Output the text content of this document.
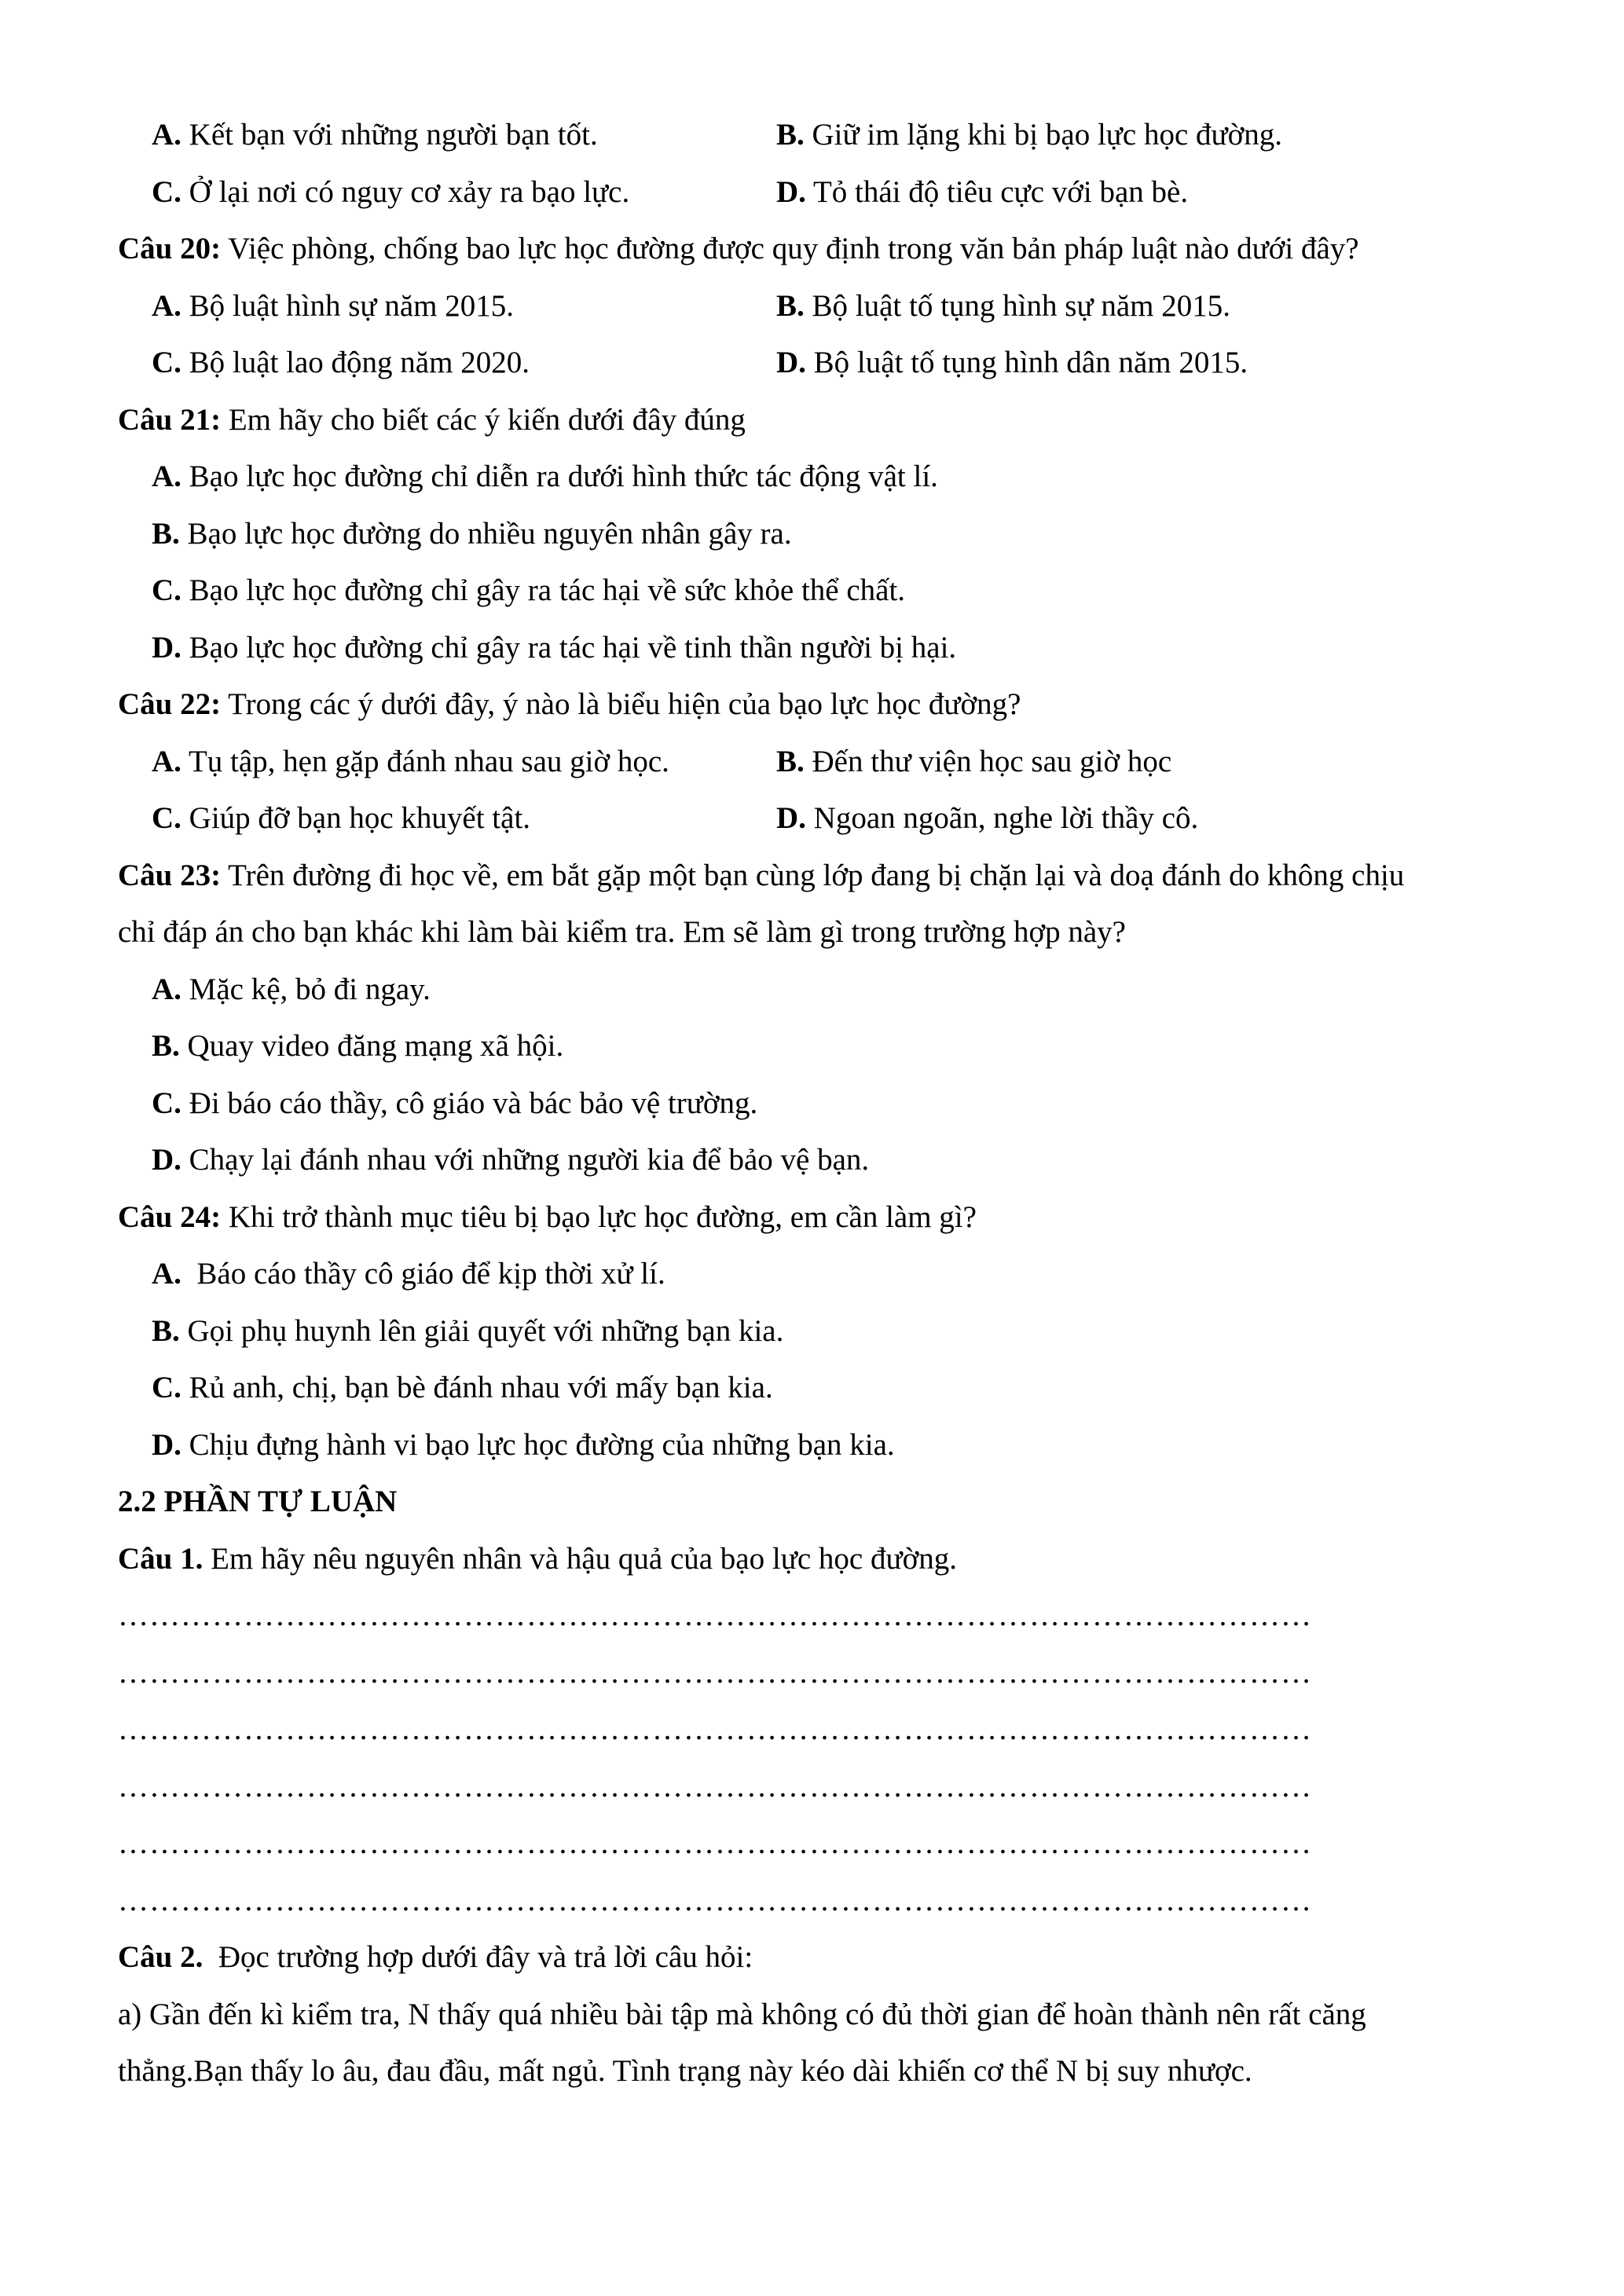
A. Kết bạn với những người bạn tốt.	B. Giữ im lặng khi bị bạo lực học đường.
C. Ở lại nơi có nguy cơ xảy ra bạo lực.	D. Tỏ thái độ tiêu cực với bạn bè.
Câu 20: Việc phòng, chống bao lực học đường được quy định trong văn bản pháp luật nào dưới đây?
A. Bộ luật hình sự năm 2015.	B. Bộ luật tố tụng hình sự năm 2015.
C. Bộ luật lao động năm 2020.	D. Bộ luật tố tụng hình dân năm 2015.
Câu 21: Em hãy cho biết các ý kiến dưới đây đúng
A. Bạo lực học đường chỉ diễn ra dưới hình thức tác động vật lí.
B. Bạo lực học đường do nhiều nguyên nhân gây ra.
C. Bạo lực học đường chỉ gây ra tác hại về sức khỏe thể chất.
D. Bạo lực học đường chỉ gây ra tác hại về tinh thần người bị hại.
Câu 22: Trong các ý dưới đây, ý nào là biểu hiện của bạo lực học đường?
A. Tụ tập, hẹn gặp đánh nhau sau giờ học.	B. Đến thư viện học sau giờ học
C. Giúp đỡ bạn học khuyết tật.	D. Ngoan ngoãn, nghe lời thầy cô.
Câu 23: Trên đường đi học về, em bắt gặp một bạn cùng lớp đang bị chặn lại và doạ đánh do không chịu
chỉ đáp án cho bạn khác khi làm bài kiểm tra. Em sẽ làm gì trong trường hợp này?
A. Mặc kệ, bỏ đi ngay.
B. Quay video đăng mạng xã hội.
C. Đi báo cáo thầy, cô giáo và bác bảo vệ trường.
D. Chạy lại đánh nhau với những người kia để bảo vệ bạn.
Câu 24: Khi trở thành mục tiêu bị bạo lực học đường, em cần làm gì?
A.  Báo cáo thầy cô giáo để kịp thời xử lí.
B. Gọi phụ huynh lên giải quyết với những bạn kia.
C. Rủ anh, chị, bạn bè đánh nhau với mấy bạn kia.
D. Chịu đựng hành vi bạo lực học đường của những bạn kia.
2.2 PHẦN TỰ LUẬN
Câu 1. Em hãy nêu nguyên nhân và hậu quả của bạo lực học đường.
……………………………………………………………………………………………………
……………………………………………………………………………………………………
……………………………………………………………………………………………………
……………………………………………………………………………………………………
……………………………………………………………………………………………………
……………………………………………………………………………………………………
Câu 2.  Đọc trường hợp dưới đây và trả lời câu hỏi:
a) Gần đến kì kiểm tra, N thấy quá nhiều bài tập mà không có đủ thời gian để hoàn thành nên rất căng
thẳng.Bạn thấy lo âu, đau đầu, mất ngủ. Tình trạng này kéo dài khiến cơ thể N bị suy nhược.
